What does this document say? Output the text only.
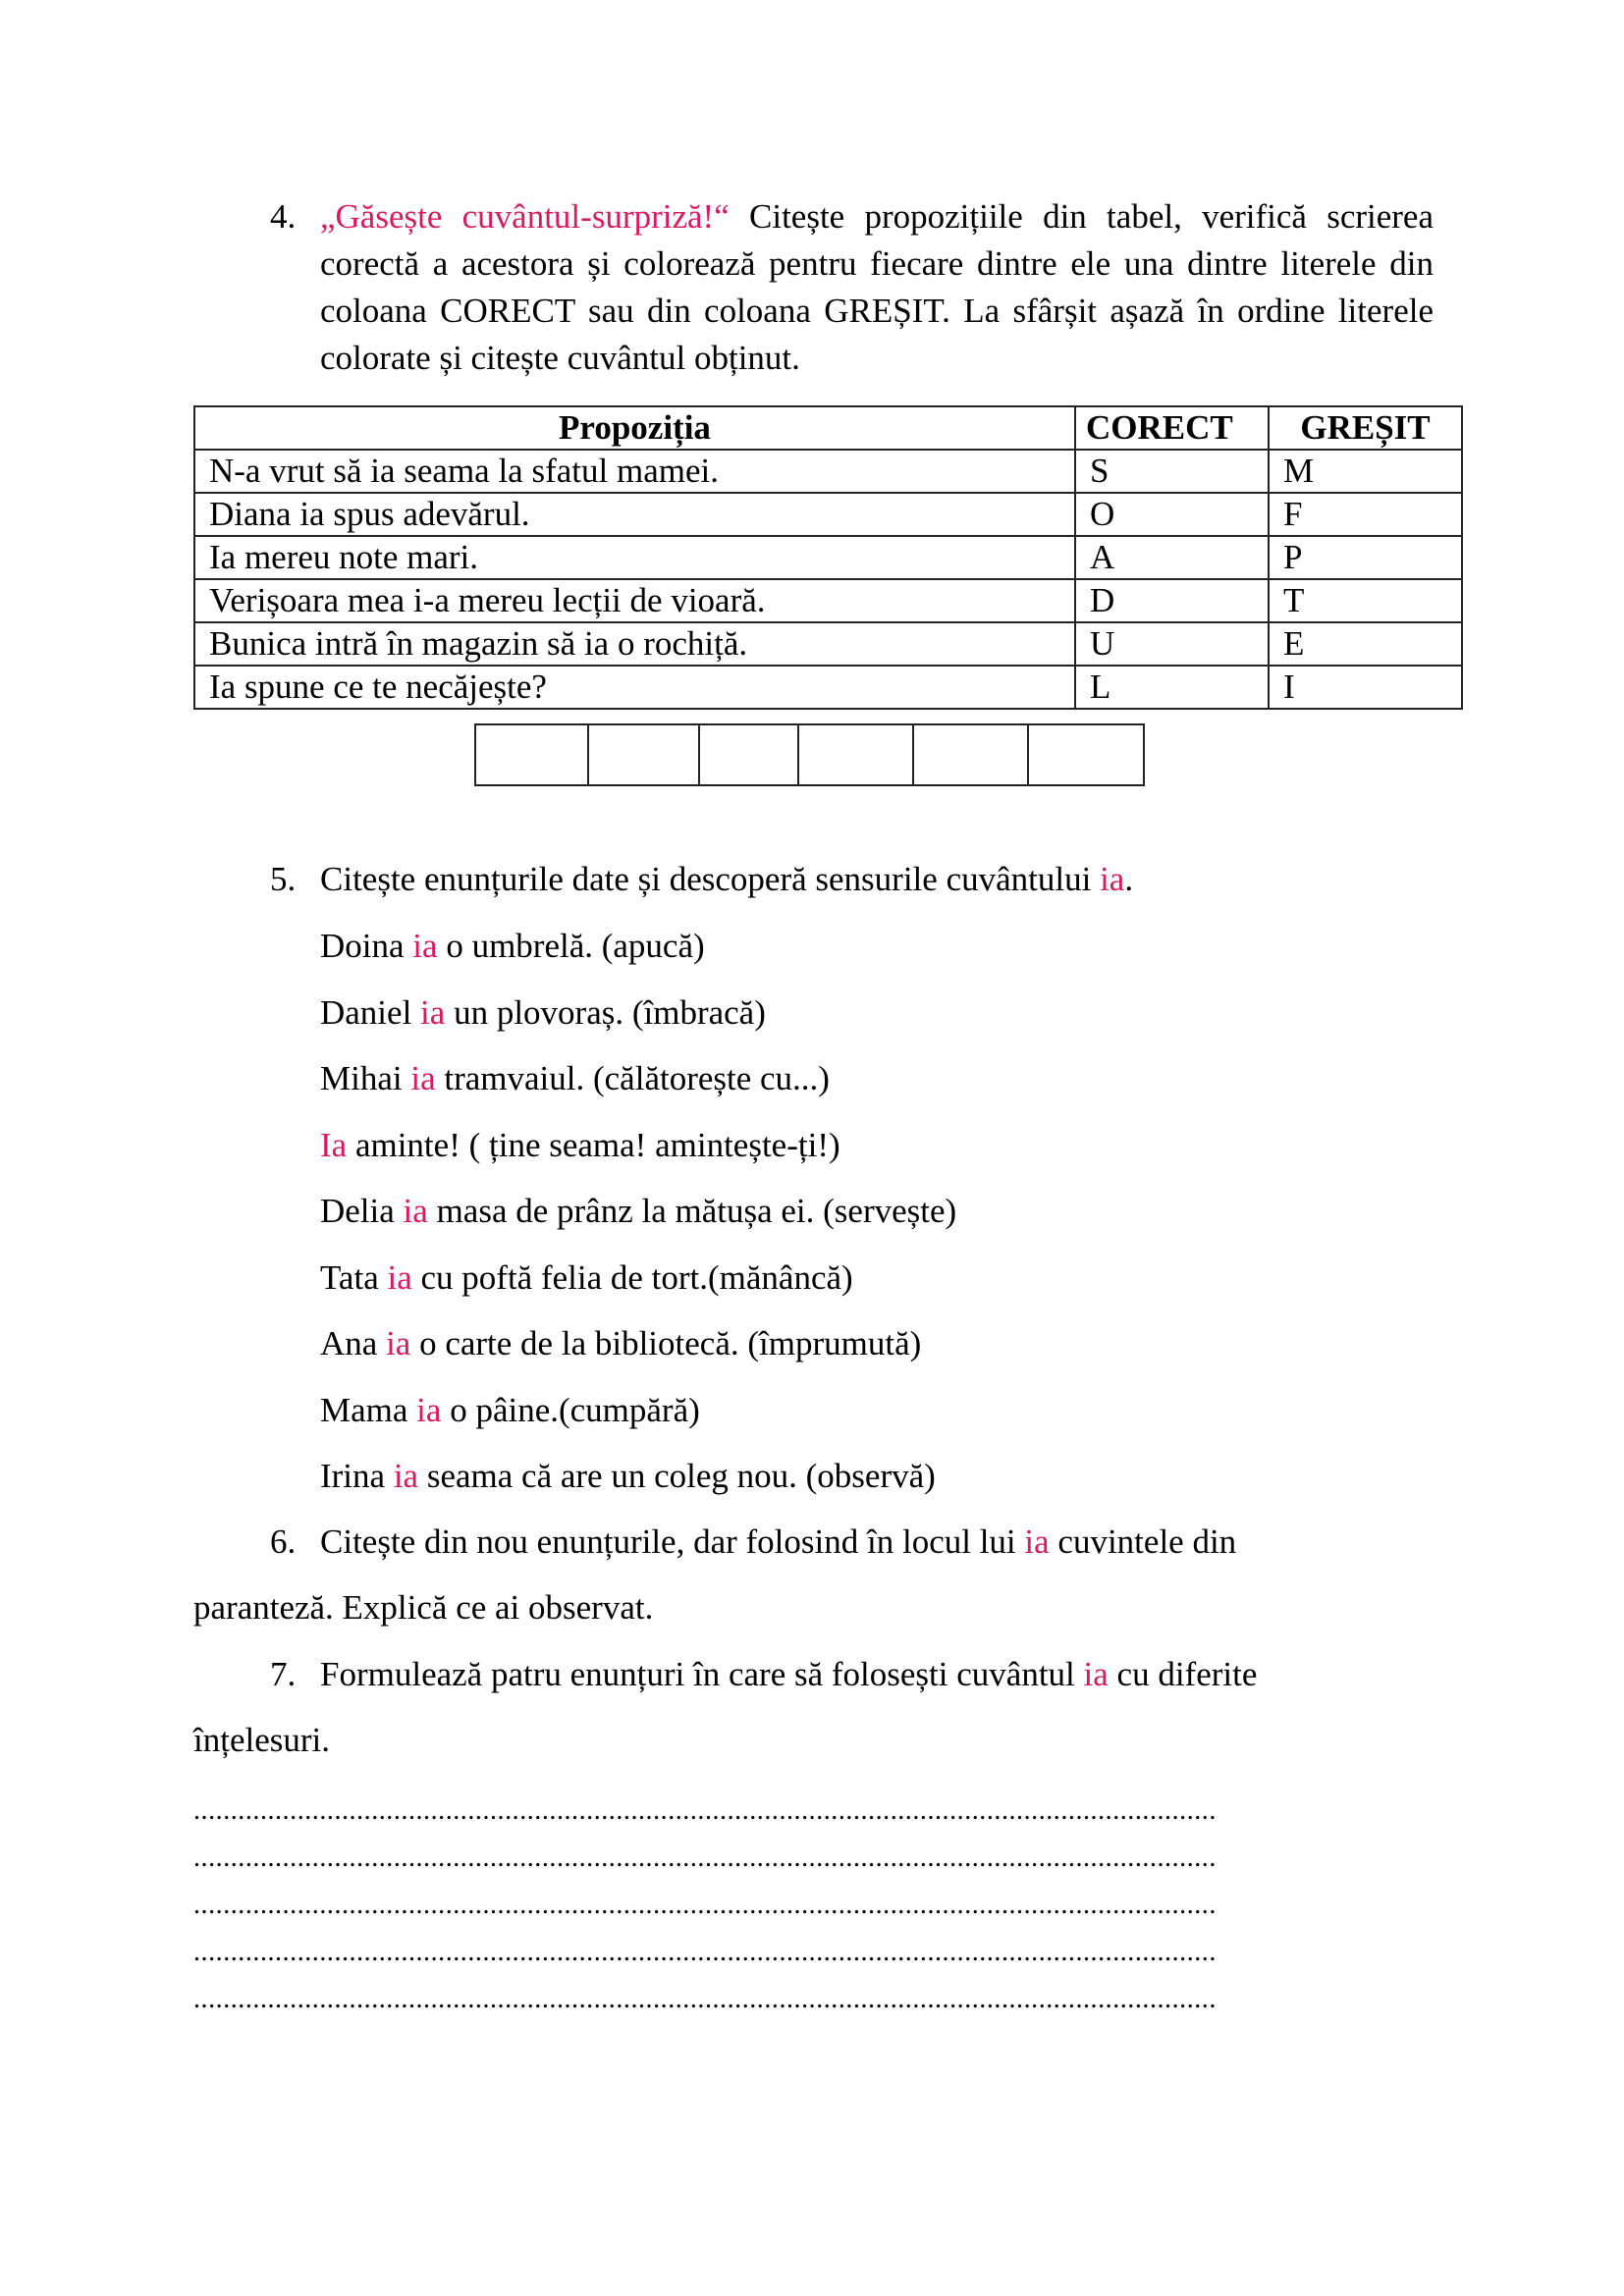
4. „Găsește cuvântul-surpriză!“ Citește propozițiile din tabel, verifică scrierea corectă a acestora și colorează pentru fiecare dintre ele una dintre literele din coloana CORECT sau din coloana GREȘIT. La sfârșit așază în ordine literele colorate și citește cuvântul obținut.
Propoziția	CORECT	GREȘIT
N-a vrut să ia seama la sfatul mamei.	S	M
Diana ia spus adevărul.	O	F
Ia mereu note mari.	A	P
Verișoara mea i-a mereu lecții de vioară.	D	T
Bunica intră în magazin să ia o rochiță.	U	E
Ia spune ce te necăjește?	L	I
5. Citește enunțurile date și descoperă sensurile cuvântului ia.
Doina ia o umbrelă. (apucă)
Daniel ia un plovoraș. (îmbracă)
Mihai ia tramvaiul. (călătorește cu...)
Ia aminte! ( ține seama! amintește-ți!)
Delia ia masa de prânz la mătușa ei. (servește)
Tata ia cu poftă felia de tort.(mănâncă)
Ana ia o carte de la bibliotecă. (împrumută)
Mama ia o pâine.(cumpără)
Irina ia seama că are un coleg nou. (observă)
6. Citește din nou enunțurile, dar folosind în locul lui ia cuvintele din
paranteză. Explică ce ai observat.
7. Formulează patru enunțuri în care să folosești cuvântul ia cu diferite
înțelesuri.
..........................................................................................................................................
..........................................................................................................................................
..........................................................................................................................................
..........................................................................................................................................
..........................................................................................................................................
